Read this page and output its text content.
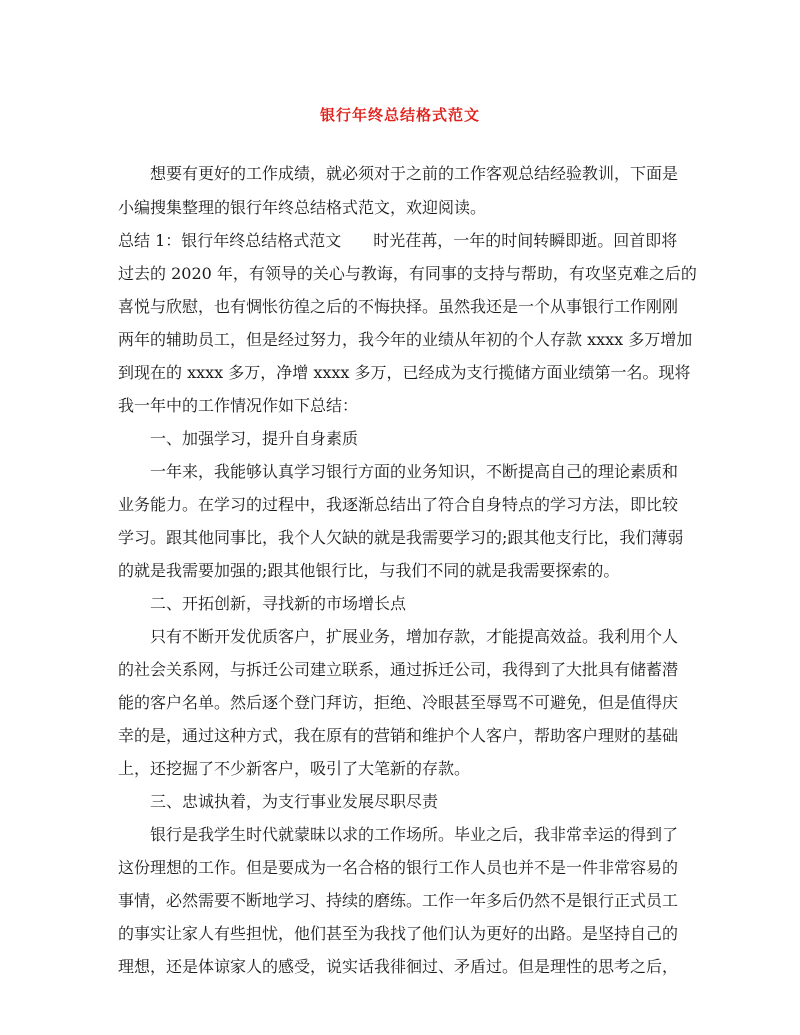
银行年终总结格式范文
想要有更好的工作成绩，就必须对于之前的工作客观总结经验教训，下面是
小编搜集整理的银行年终总结格式范文，欢迎阅读。
总结 1：银行年终总结格式范文　　时光荏苒，一年的时间转瞬即逝。回首即将
过去的 2020 年，有领导的关心与教诲，有同事的支持与帮助，有攻坚克难之后的
喜悦与欣慰，也有惆怅彷徨之后的不悔抉择。虽然我还是一个从事银行工作刚刚
两年的辅助员工，但是经过努力，我今年的业绩从年初的个人存款 xxxx 多万增加
到现在的 xxxx 多万，净增 xxxx 多万，已经成为支行揽储方面业绩第一名。现将
我一年中的工作情况作如下总结：
一、加强学习，提升自身素质
一年来，我能够认真学习银行方面的业务知识，不断提高自己的理论素质和
业务能力。在学习的过程中，我逐渐总结出了符合自身特点的学习方法，即比较
学习。跟其他同事比，我个人欠缺的就是我需要学习的;跟其他支行比，我们薄弱
的就是我需要加强的;跟其他银行比，与我们不同的就是我需要探索的。
二、开拓创新，寻找新的市场增长点
只有不断开发优质客户，扩展业务，增加存款，才能提高效益。我利用个人
的社会关系网，与拆迁公司建立联系，通过拆迁公司，我得到了大批具有储蓄潜
能的客户名单。然后逐个登门拜访，拒绝、冷眼甚至辱骂不可避免，但是值得庆
幸的是，通过这种方式，我在原有的营销和维护个人客户，帮助客户理财的基础
上，还挖掘了不少新客户，吸引了大笔新的存款。
三、忠诚执着，为支行事业发展尽职尽责
银行是我学生时代就蒙昧以求的工作场所。毕业之后，我非常幸运的得到了
这份理想的工作。但是要成为一名合格的银行工作人员也并不是一件非常容易的
事情，必然需要不断地学习、持续的磨练。工作一年多后仍然不是银行正式员工
的事实让家人有些担忧，他们甚至为我找了他们认为更好的出路。是坚持自己的
理想，还是体谅家人的感受，说实话我徘徊过、矛盾过。但是理性的思考之后，
